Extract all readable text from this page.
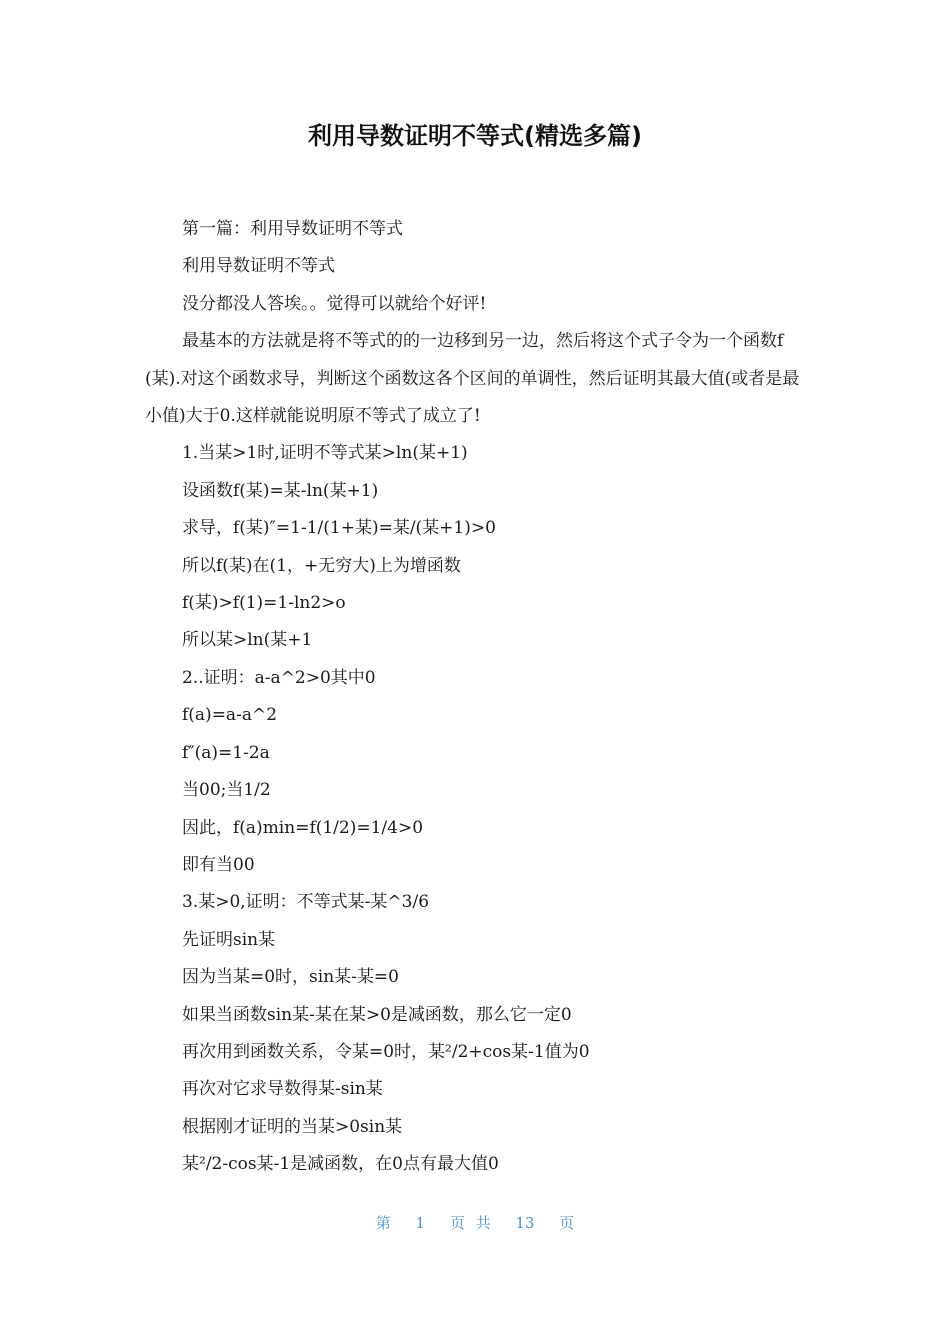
利用导数证明不等式(精选多篇)

第一篇：利用导数证明不等式

利用导数证明不等式

没分都没人答埃。。觉得可以就给个好评!

最基本的方法就是将不等式的的一边移到另一边，然后将这个式子令为一个函数f(某).对这个函数求导，判断这个函数这各个区间的单调性，然后证明其最大值(或者是最小值)大于0.这样就能说明原不等式了成立了!

1.当某>1时,证明不等式某>ln(某+1)

设函数f(某)=某-ln(某+1)

求导，f(某)″=1-1/(1+某)=某/(某+1)>0

所以f(某)在(1，+无穷大)上为增函数

f(某)>f(1)=1-ln2>o

所以某>ln(某+1

2..证明：a-a^2>0其中0

f(a)=a-a^2

f″(a)=1-2a

当00;当1/2

因此，f(a)min=f(1/2)=1/4>0

即有当00

3.某>0,证明：不等式某-某^3/6

先证明sin某

因为当某=0时，sin某-某=0

如果当函数sin某-某在某>0是减函数，那么它一定0

再次用到函数关系，令某=0时，某²/2+cos某-1值为0

再次对它求导数得某-sin某

根据刚才证明的当某>0sin某

某²/2-cos某-1是减函数，在0点有最大值0

第 1 页 共 13 页
